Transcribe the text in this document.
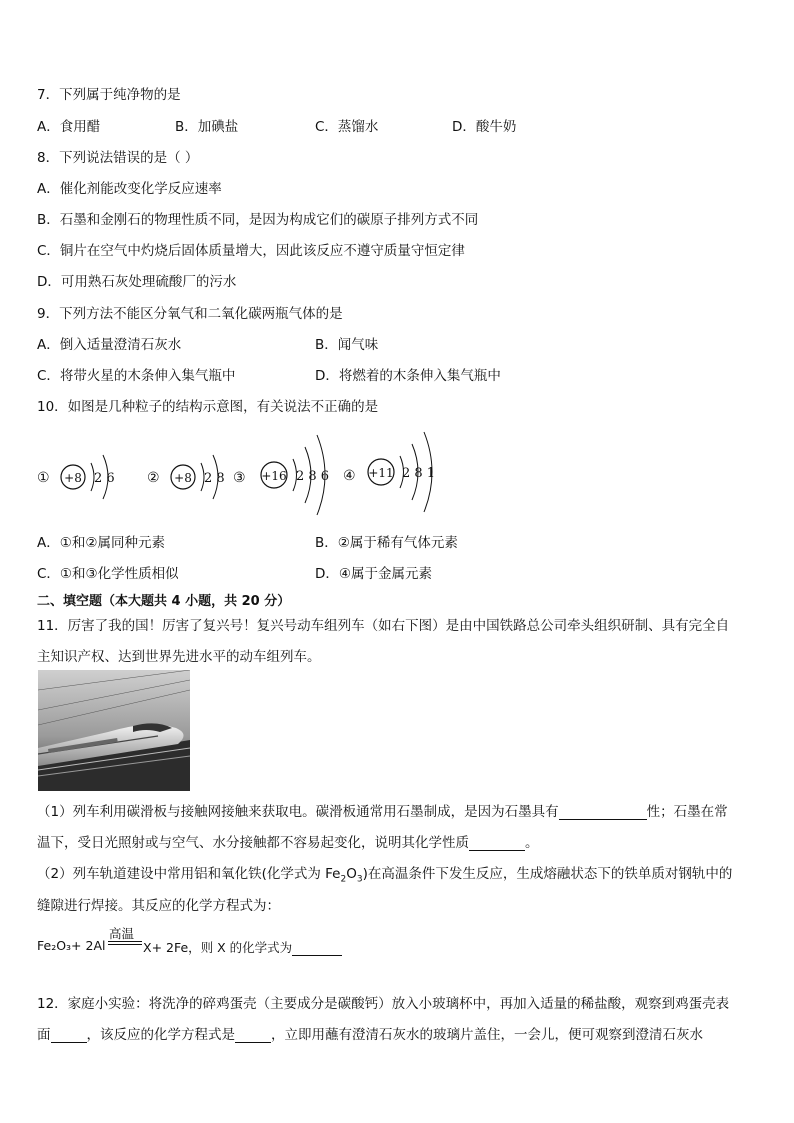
7．下列属于纯净物的是
A．食用醋	B．加碘盐	C．蒸馏水	D．酸牛奶
8．下列说法错误的是（ ）
A．催化剂能改变化学反应速率
B．石墨和金刚石的物理性质不同，是因为构成它们的碳原子排列方式不同
C．铜片在空气中灼烧后固体质量增大，因此该反应不遵守质量守恒定律
D．可用熟石灰处理硫酸厂的污水
9．下列方法不能区分氧气和二氧化碳两瓶气体的是
A．倒入适量澄清石灰水	B．闻气味
C．将带火星的木条伸入集气瓶中	D．将燃着的木条伸入集气瓶中
10．如图是几种粒子的结构示意图，有关说法不正确的是
① +8 2 6 ② +8 2 8 ③ +16 2 8 6 ④ +11 2 8 1
A．①和②属同种元素	B．②属于稀有气体元素
C．①和③化学性质相似	D．④属于金属元素
二、填空题（本大题共 4 小题，共 20 分）
11．厉害了我的国！厉害了复兴号！复兴号动车组列车（如右下图）是由中国铁路总公司牵头组织研制、具有完全自
主知识产权、达到世界先进水平的动车组列车。
（1）列车利用碳滑板与接触网接触来获取电。碳滑板通常用石墨制成，是因为石墨具有	性；石墨在常
温下，受日光照射或与空气、水分接触都不容易起变化，说明其化学性质	。
（2）列车轨道建设中常用铝和氧化铁(化学式为 $Fe_2O_3$)在高温条件下发生反应，生成熔融状态下的铁单质对钢轨中的
缝隙进行焊接。其反应的化学方程式为：
Fe₂O₃+ 2Al
高温
X+ 2Fe，则 X 的化学式为
12．家庭小实验：将洗净的碎鸡蛋壳（主要成分是碳酸钙）放入小玻璃杯中，再加入适量的稀盐酸，观察到鸡蛋壳表
面	，该反应的化学方程式是	，立即用蘸有澄清石灰水的玻璃片盖住，一会儿，便可观察到澄清石灰水
